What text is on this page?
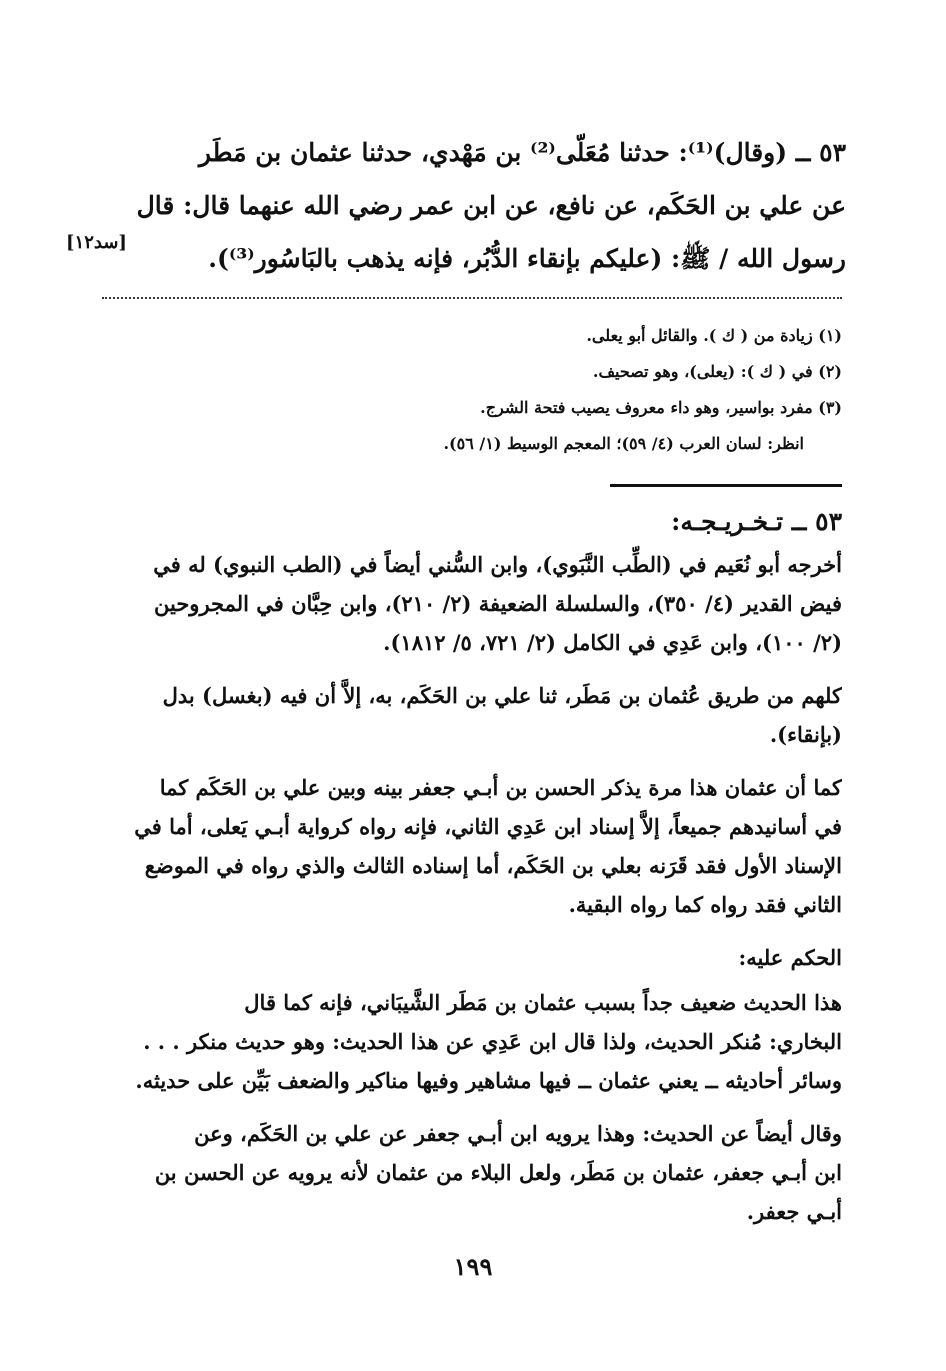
٥٣ ــ (وقال)⁽¹⁾: حدثنا مُعَلّى⁽²⁾ بن مَهْدي، حدثنا عثمان بن مَطَر
عن علي بن الحَكَم، عن نافع، عن ابن عمر رضي الله عنهما قال: قال
رسول الله / ﷺ: (عليكم بإنقاء الدُّبُر، فإنه يذهب بالبَاسُور⁽³⁾).
[سد١٢]
(١) زيادة من ( ك ). والقائل أبو يعلى.
(٢) في ( ك ): (يعلى)، وهو تصحيف.
(٣) مفرد بواسير، وهو داء معروف يصيب فتحة الشرج.
انظر: لسان العرب (٤/ ٥٩)؛ المعجم الوسيط (١/ ٥٦).
٥٣ ــ تـخـريـجـه:
أخرجه أبو نُعَيم في (الطِّب النَّبَوي)، وابن السُّني أيضاً في (الطب النبوي) له في
فيض القدير (٤/ ٣٥٠)، والسلسلة الضعيفة (٢/ ٢١٠)، وابن حِبَّان في المجروحين
(٢/ ١٠٠)، وابن عَدِي في الكامل (٢/ ٧٢١، ٥/ ١٨١٢).
كلهم من طريق عُثمان بن مَطَر، ثنا علي بن الحَكَم، به، إلاَّ أن فيه (بغسل) بدل
(بإنقاء).
كما أن عثمان هذا مرة يذكر الحسن بن أبـي جعفر بينه وبين علي بن الحَكَم كما
في أسانيدهم جميعاً، إلاَّ إسناد ابن عَدِي الثاني، فإنه رواه كرواية أبـي يَعلى، أما في
الإسناد الأول فقد قَرَنه بعلي بن الحَكَم، أما إسناده الثالث والذي رواه في الموضع
الثاني فقد رواه كما رواه البقية.
الحكم عليه:
هذا الحديث ضعيف جداً بسبب عثمان بن مَطَر الشَّيبَاني، فإنه كما قال
البخاري: مُنكر الحديث، ولذا قال ابن عَدِي عن هذا الحديث: وهو حديث منكر . . .
وسائر أحاديثه ــ يعني عثمان ــ فيها مشاهير وفيها مناكير والضعف بَيِّن على حديثه.
وقال أيضاً عن الحديث: وهذا يرويه ابن أبـي جعفر عن علي بن الحَكَم، وعن
ابن أبـي جعفر، عثمان بن مَطَر، ولعل البلاء من عثمان لأنه يرويه عن الحسن بن
أبـي جعفر.
١٩٩
